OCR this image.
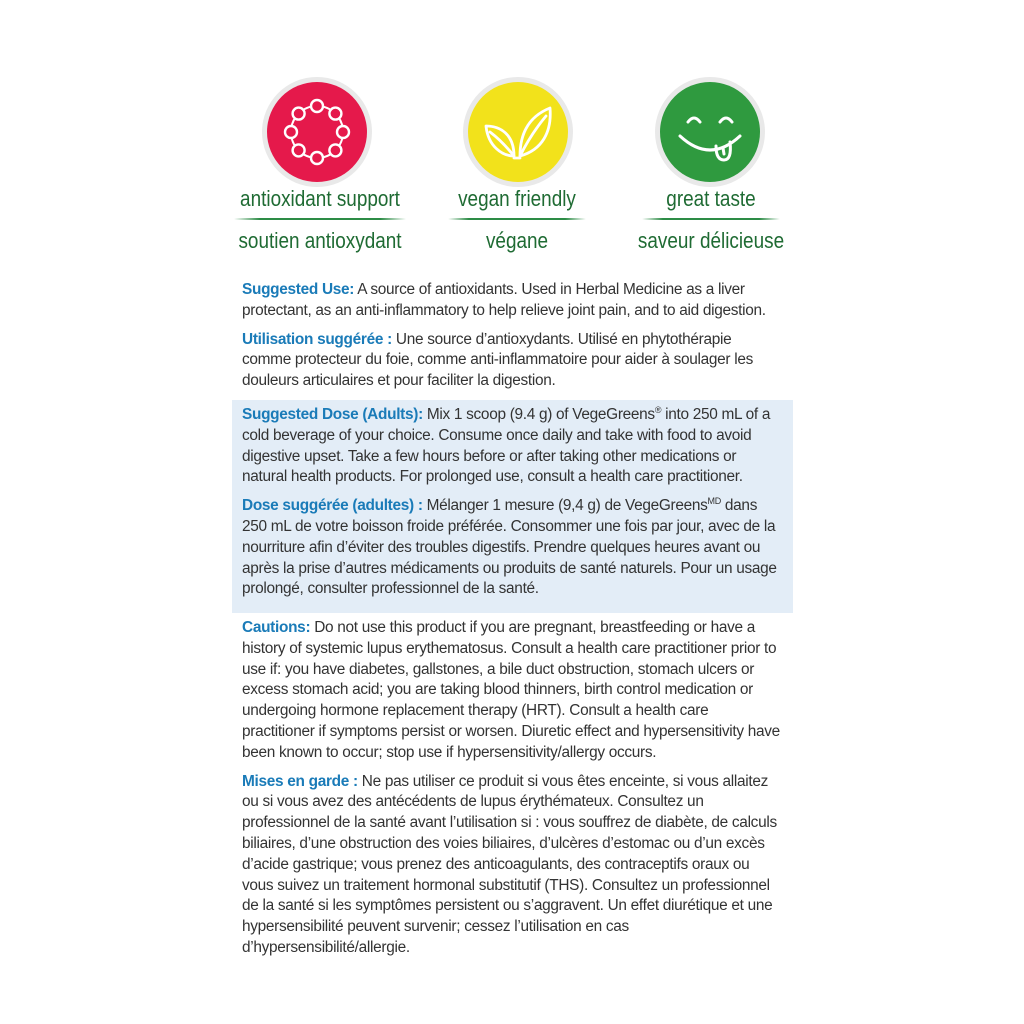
antioxidant support
soutien antioxydant
vegan friendly
végane
great taste
saveur délicieuse

Suggested Use: A source of antioxidants. Used in Herbal Medicine as a liver protectant, as an anti-inflammatory to help relieve joint pain, and to aid digestion.

Utilisation suggérée : Une source d’antioxydants. Utilisé en phytothérapie comme protecteur du foie, comme anti-inflammatoire pour aider à soulager les douleurs articulaires et pour faciliter la digestion.

Suggested Dose (Adults): Mix 1 scoop (9.4 g) of VegeGreens® into 250 mL of a cold beverage of your choice. Consume once daily and take with food to avoid digestive upset. Take a few hours before or after taking other medications or natural health products. For prolonged use, consult a health care practitioner.

Dose suggérée (adultes) : Mélanger 1 mesure (9,4 g) de VegeGreens$^{MD}$ dans 250 mL de votre boisson froide préférée. Consommer une fois par jour, avec de la nourriture afin d’éviter des troubles digestifs. Prendre quelques heures avant ou après la prise d’autres médicaments ou produits de santé naturels. Pour un usage prolongé, consulter professionnel de la santé.

Cautions: Do not use this product if you are pregnant, breastfeeding or have a history of systemic lupus erythematosus. Consult a health care practitioner prior to use if: you have diabetes, gallstones, a bile duct obstruction, stomach ulcers or excess stomach acid; you are taking blood thinners, birth control medication or undergoing hormone replacement therapy (HRT). Consult a health care practitioner if symptoms persist or worsen. Diuretic effect and hypersensitivity have been known to occur; stop use if hypersensitivity/allergy occurs.

Mises en garde : Ne pas utiliser ce produit si vous êtes enceinte, si vous allaitez ou si vous avez des antécédents de lupus érythémateux. Consultez un professionnel de la santé avant l’utilisation si : vous souffrez de diabète, de calculs biliaires, d’une obstruction des voies biliaires, d’ulcères d’estomac ou d’un excès d’acide gastrique; vous prenez des anticoagulants, des contraceptifs oraux ou vous suivez un traitement hormonal substitutif (THS). Consultez un professionnel de la santé si les symptômes persistent ou s’aggravent. Un effet diurétique et une hypersensibilité peuvent survenir; cessez l’utilisation en cas d’hypersensibilité/allergie.
